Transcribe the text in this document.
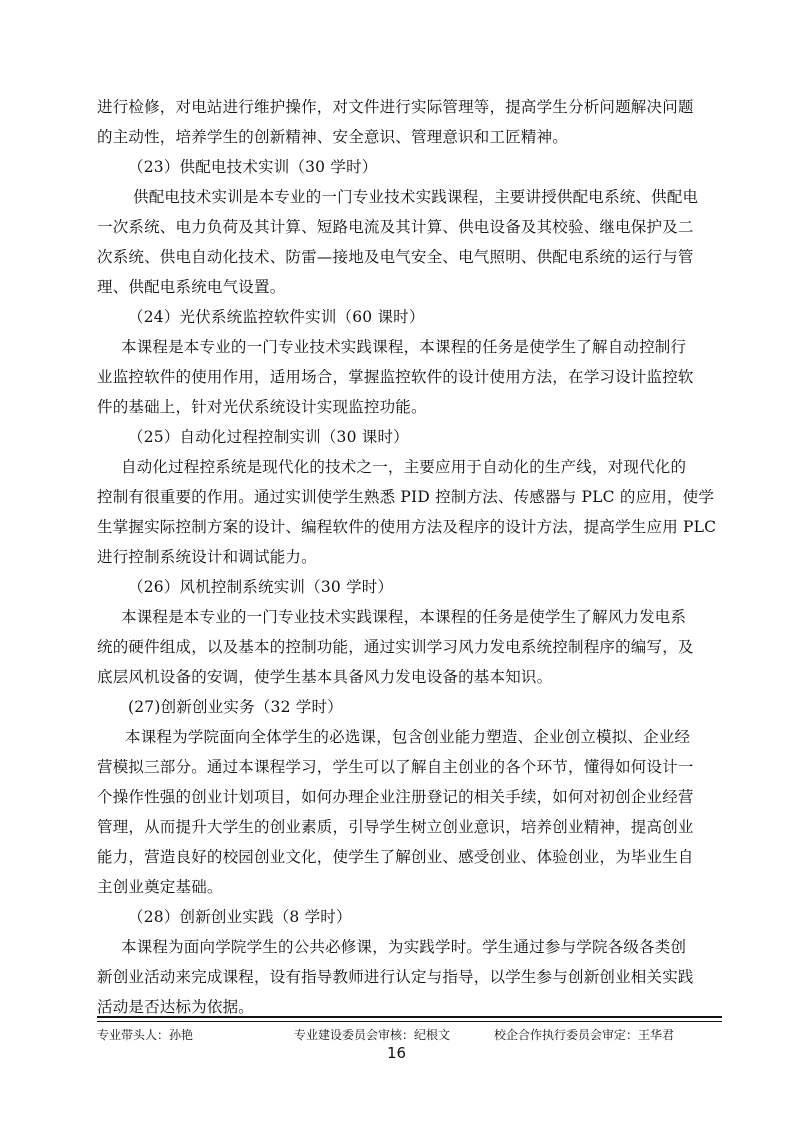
进行检修，对电站进行维护操作，对文件进行实际管理等，提高学生分析问题解决问题
的主动性，培养学生的创新精神、安全意识、管理意识和工匠精神。
（23）供配电技术实训（30 学时）
供配电技术实训是本专业的一门专业技术实践课程，主要讲授供配电系统、供配电
一次系统、电力负荷及其计算、短路电流及其计算、供电设备及其校验、继电保护及二
次系统、供电自动化技术、防雷—接地及电气安全、电气照明、供配电系统的运行与管
理、供配电系统电气设置。
（24）光伏系统监控软件实训（60 课时）
本课程是本专业的一门专业技术实践课程，本课程的任务是使学生了解自动控制行
业监控软件的使用作用，适用场合，掌握监控软件的设计使用方法，在学习设计监控软
件的基础上，针对光伏系统设计实现监控功能。
（25）自动化过程控制实训（30 课时）
自动化过程控系统是现代化的技术之一，主要应用于自动化的生产线，对现代化的
控制有很重要的作用。通过实训使学生熟悉 PID 控制方法、传感器与 PLC 的应用，使学
生掌握实际控制方案的设计、编程软件的使用方法及程序的设计方法，提高学生应用 PLC
进行控制系统设计和调试能力。
（26）风机控制系统实训（30 学时）
本课程是本专业的一门专业技术实践课程，本课程的任务是使学生了解风力发电系
统的硬件组成，以及基本的控制功能，通过实训学习风力发电系统控制程序的编写，及
底层风机设备的安调，使学生基本具备风力发电设备的基本知识。
(27)创新创业实务（32 学时）
本课程为学院面向全体学生的必选课，包含创业能力塑造、企业创立模拟、企业经
营模拟三部分。通过本课程学习，学生可以了解自主创业的各个环节，懂得如何设计一
个操作性强的创业计划项目，如何办理企业注册登记的相关手续，如何对初创企业经营
管理，从而提升大学生的创业素质，引导学生树立创业意识，培养创业精神，提高创业
能力，营造良好的校园创业文化，使学生了解创业、感受创业、体验创业，为毕业生自
主创业奠定基础。
（28）创新创业实践（8 学时）
本课程为面向学院学生的公共必修课，为实践学时。学生通过参与学院各级各类创
新创业活动来完成课程，设有指导教师进行认定与指导，以学生参与创新创业相关实践
活动是否达标为依据。
专业带头人：孙艳	专业建设委员会审核：纪根文	校企合作执行委员会审定：王华君
16
